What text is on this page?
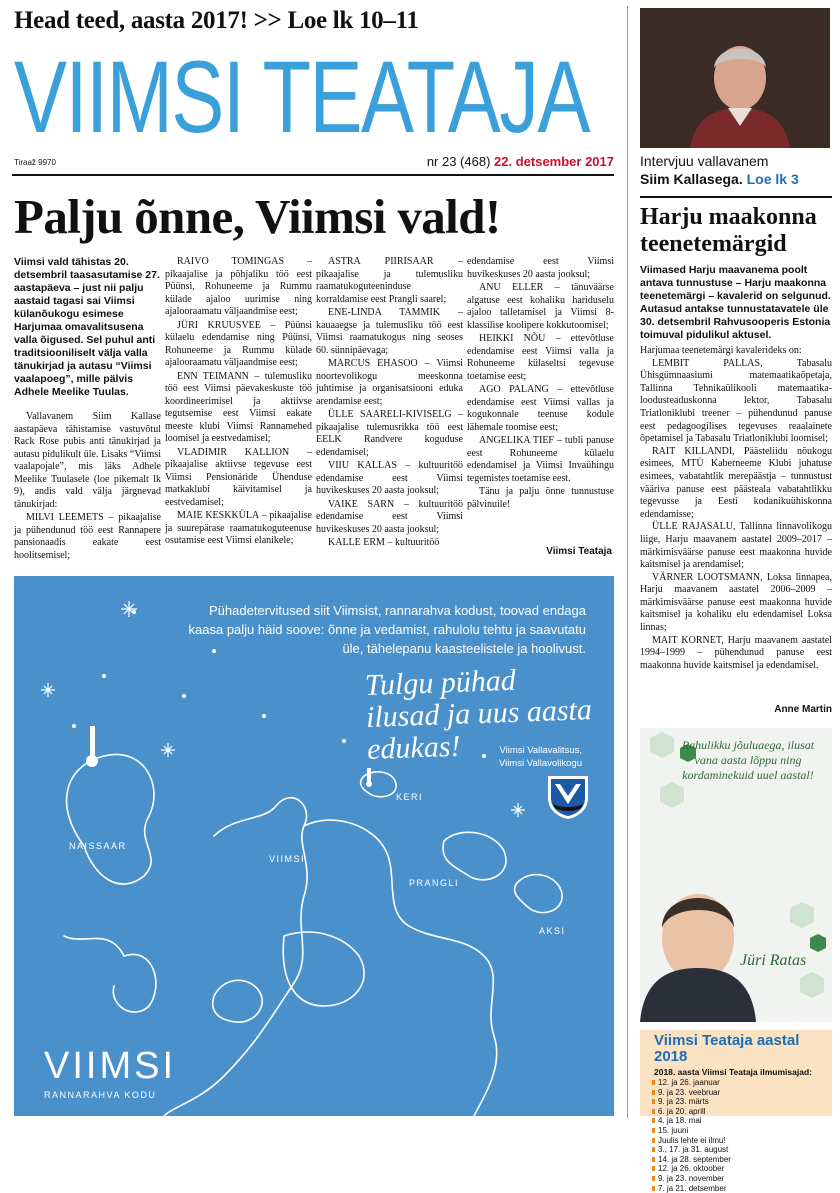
Head teed, aasta 2017! >> Loe lk 10–11
VIIMSI TEATAJA
Tiraaž 9970	nr 23 (468) 22. detsember 2017
Palju õnne, Viimsi vald!

Viimsi vald tähistas 20. detsembril taasasutamise 27. aastapäeva – just nii palju aastaid tagasi sai Viimsi külanõukogu esimese Harjumaa omavalitsusena valla õigused. Sel puhul anti traditsiooniliselt välja valla tänukirjad ja autasu “Viimsi vaalapoeg”, mille pälvis Adhele Meelike Tuulas.

Vallavanem Siim Kallase aastapäeva tähistamise vastuvõtul Rack Rose pubis anti tänukirjad ja autasu pidulikult üle. Lisaks “Viimsi vaalapojale”, mis läks Adhele Meelike Tuulasele (loe pikemalt lk 9), andis vald välja järgnevad tänukirjad:

MILVI LEEMETS – pikaajalise ja pühendunud töö eest Rannapere pansionaadis eakate eest hoolitsemisel;

RAIVO TOMINGAS – pikaajalise ja põhjaliku töö eest Püünsi, Rohuneeme ja Rummu külade ajaloo uurimise ning ajalooraamatu väljaandmise eest;

JÜRI KRUUSVEE – Püünsi külaelu edendamise ning Püünsi, Rohuneeme ja Rummu külade ajalooraamatu väljaandmise eest;

ENN TEIMANN – tulemusliku töö eest Viimsi päevakeskuste töö koordineerimisel ja aktiivse tegutsemise eest Viimsi eakate meeste klubi Viimsi Rannamehed loomisel ja eestvedamisel;

VLADIMIR KALLION – pikaajalise aktiivse tegevuse eest Viimsi Pensionäride Ühenduse matkaklubi käivitamisel ja eestvedamisel;

MAIE KESKKÜLA – pikaajalise ja suurepärase raamatukoguteenuse osutamise eest Viimsi elanikele;

ASTRA PIIRISAAR – pikaajalise ja tulemusliku raamatukoguteeninduse korraldamise eest Prangli saarel;

ENE-LINDA TAMMIK – kauaaegse ja tulemusliku töö eest Viimsi raamatukogus ning seoses 60. sünnipäevaga;

MARCUS EHASOO – Viimsi noortevolikogu meeskonna juhtimise ja organisatsiooni eduka arendamise eest;

ÜLLE SAARELI-KIVISELG – pikaajalise tulemusrikka töö eest EELK Randvere koguduse edendamisel;

VIIU KALLAS – kultuuritöö edendamise eest Viimsi huvikeskuses 20 aasta jooksul;

VAIKE SARN – kultuuritöö edendamise eest Viimsi huvikeskuses 20 aasta jooksul;

KALLE ERM – kultuuritöö

edendamise eest Viimsi huvikeskuses 20 aasta jooksul;

ANU ELLER – tänuväärse algatuse eest kohaliku hariduselu ajaloo talletamisel ja Viimsi 8-klassilise koolipere kokkutoomisel;

HEIKKI NÕU – ettevõtluse edendamise eest Viimsi valla ja Rohuneeme külaseltsi tegevuse toetamise eest;

AGO PALANG – ettevõtluse edendamise eest Viimsi vallas ja kogukonnale teenuse kodule lähemale toomise eest;

ANGELIKA TIEF – tubli panuse eest Rohuneeme külaelu edendamisel ja Viimsi Invaühingu tegemistes toetamise eest.

Tänu ja palju õnne tunnustuse pälvinuile!

Viimsi Teataja
Pühadetervitused siit Viimsist, rannarahva kodust, toovad endaga kaasa palju häid soove: õnne ja vedamist, rahulolu tehtu ja saavutatu üle, tähelepanu kaasteelistele ja hoolivust.
Tulgu pühad ilusad ja uus aasta edukas!	Viimsi Vallavalitsus,
Viimsi Vallavolikogu
NAISSAAR
KERI
PRANGLI
VIIMSI
AKSI
VIIMSI
RANNARAHVA KODU
Intervjuu vallavanem
Siim Kallasega. Loe lk 3
Harju maakonna teenetemärgid

Viimased Harju maavanema poolt antava tunnustuse – Harju maakonna teenetemärgi – kavalerid on selgunud. Autasud antakse tunnustatavatele üle 30. detsembril Rahvusooperis Estonia toimuval pidulikul aktusel.

Harjumaa teenetemärgi kavalerideks on:

LEMBIT PALLAS, Tabasalu Ühisgümnaasiumi matemaatikaõpetaja, Tallinna Tehnikaülikooli matemaatika-loodusteaduskonna lektor, Tabasalu Triatloniklubi treener – pühendunud panuse eest pedagoogilises tegevuses reaalainete õpetamisel ja Tabasalu Triatloniklubi loomisel;

RAIT KILLANDI, Päästeliidu nõukogu esimees, MTÜ Kaberneeme Klubi juhatuse esimees, vabatahtlik merepäästja – tunnustust vääriva panuse eest päästeala vabatahtlikku tegevusse ja Eesti kodanikuühiskonna edendamisse;

ÜLLE RAJASALU, Tallinna linnavolikogu liige, Harju maavanem aastatel 2009–2017 – märkimisväärse panuse eest maakonna huvide kaitsmisel ja arendamisel;

VÄRNER LOOTSMANN, Loksa linnapea, Harju maavanem aastatel 2006–2009 – märkimisväärse panuse eest maakonna huvide kaitsmisel ja kohaliku elu edendamisel Loksa linnas;

MAIT KORNET, Harju maavanem aastatel 1994–1999 – pühendunud panuse eest maakonna huvide kaitsmisel ja edendamisel.

Anne Martin
Rahulikku jõuluaega, ilusat vana aasta lõppu ning kordaminekuid uuel aastal!
Jüri Ratas
Viimsi Teataja aastal 2018
2018. aasta Viimsi Teataja ilmumisajad:
12. ja 26. jaanuar
9. ja 23. veebruar
9. ja 23. märts
6. ja 20. aprill
4. ja 18. mai
15. juuni
Juulis lehte ei ilmu!
3., 17. ja 31. august
14. ja 28. september
12. ja 26. oktoober
9. ja 23. november
7. ja 21. detsember
